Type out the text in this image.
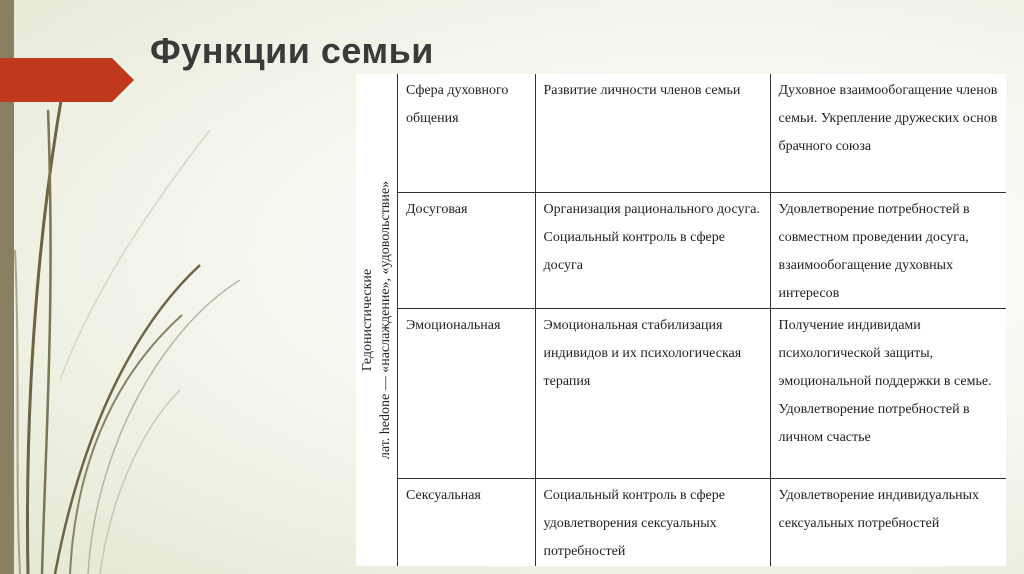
Функции семьи
Гедонистические лат. hedone — «наслаждение», «удовольствие»
Сфера духовного общения	Развитие личности членов семьи	Духовное взаимообогащение членов семьи. Укрепление дружеских основ брачного союза
Досуговая	Организация рационального досуга. Социальный контроль в сфере досуга	Удовлетворение потребностей в совместном проведении досуга, взаимообогащение духовных интересов
Эмоциональная	Эмоциональная стабилизация индивидов и их психологическая терапия	Получение индивидами психологической защиты, эмоциональной поддержки в семье. Удовлетворение потребностей в личном счастье
Сексуальная	Социальный контроль в сфере удовлетворения сексуальных потребностей	Удовлетворение индивидуальных сексуальных потребностей
